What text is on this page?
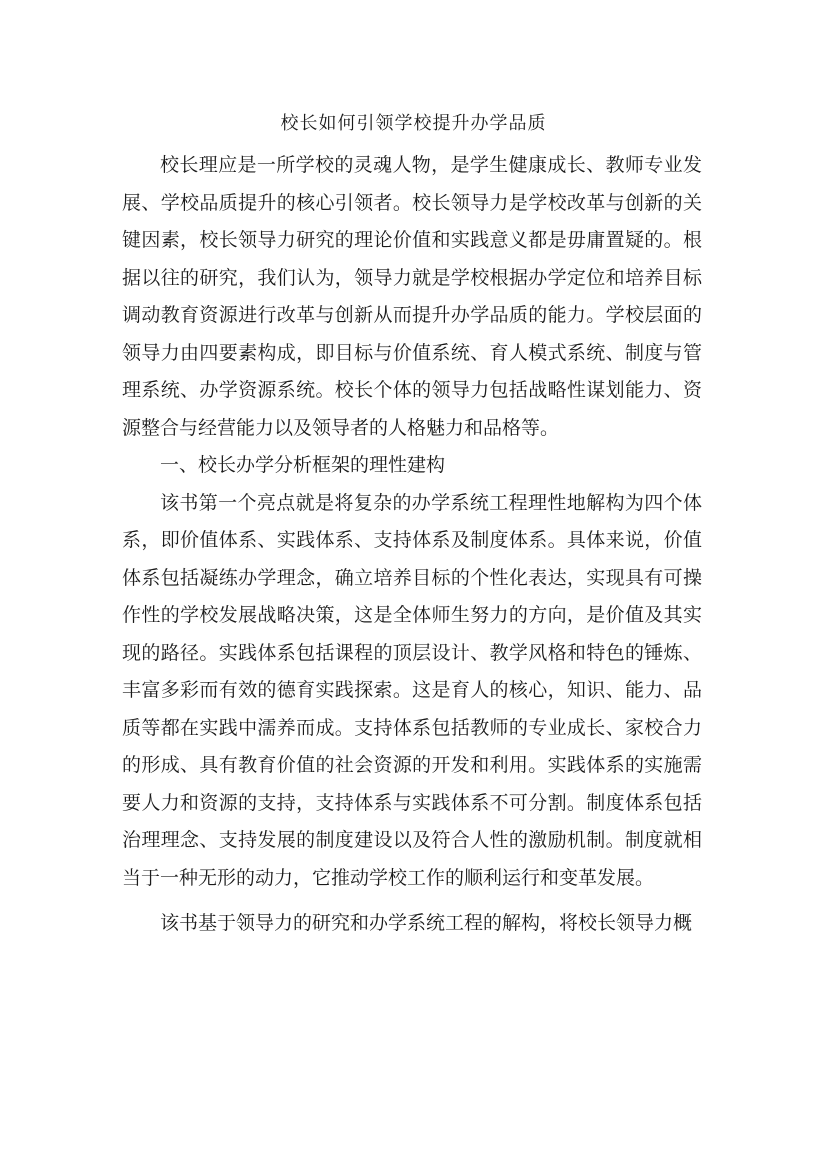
校长如何引领学校提升办学品质

校长理应是一所学校的灵魂人物，是学生健康成长、教师专业发展、学校品质提升的核心引领者。校长领导力是学校改革与创新的关键因素，校长领导力研究的理论价值和实践意义都是毋庸置疑的。根据以往的研究，我们认为，领导力就是学校根据办学定位和培养目标调动教育资源进行改革与创新从而提升办学品质的能力。学校层面的领导力由四要素构成，即目标与价值系统、育人模式系统、制度与管理系统、办学资源系统。校长个体的领导力包括战略性谋划能力、资源整合与经营能力以及领导者的人格魅力和品格等。

一、校长办学分析框架的理性建构

该书第一个亮点就是将复杂的办学系统工程理性地解构为四个体系，即价值体系、实践体系、支持体系及制度体系。具体来说，价值体系包括凝练办学理念，确立培养目标的个性化表达，实现具有可操作性的学校发展战略决策，这是全体师生努力的方向，是价值及其实现的路径。实践体系包括课程的顶层设计、教学风格和特色的锤炼、丰富多彩而有效的德育实践探索。这是育人的核心，知识、能力、品质等都在实践中濡养而成。支持体系包括教师的专业成长、家校合力的形成、具有教育价值的社会资源的开发和利用。实践体系的实施需要人力和资源的支持，支持体系与实践体系不可分割。制度体系包括治理理念、支持发展的制度建设以及符合人性的激励机制。制度就相当于一种无形的动力，它推动学校工作的顺利运行和变革发展。

该书基于领导力的研究和办学系统工程的解构，将校长领导力概
